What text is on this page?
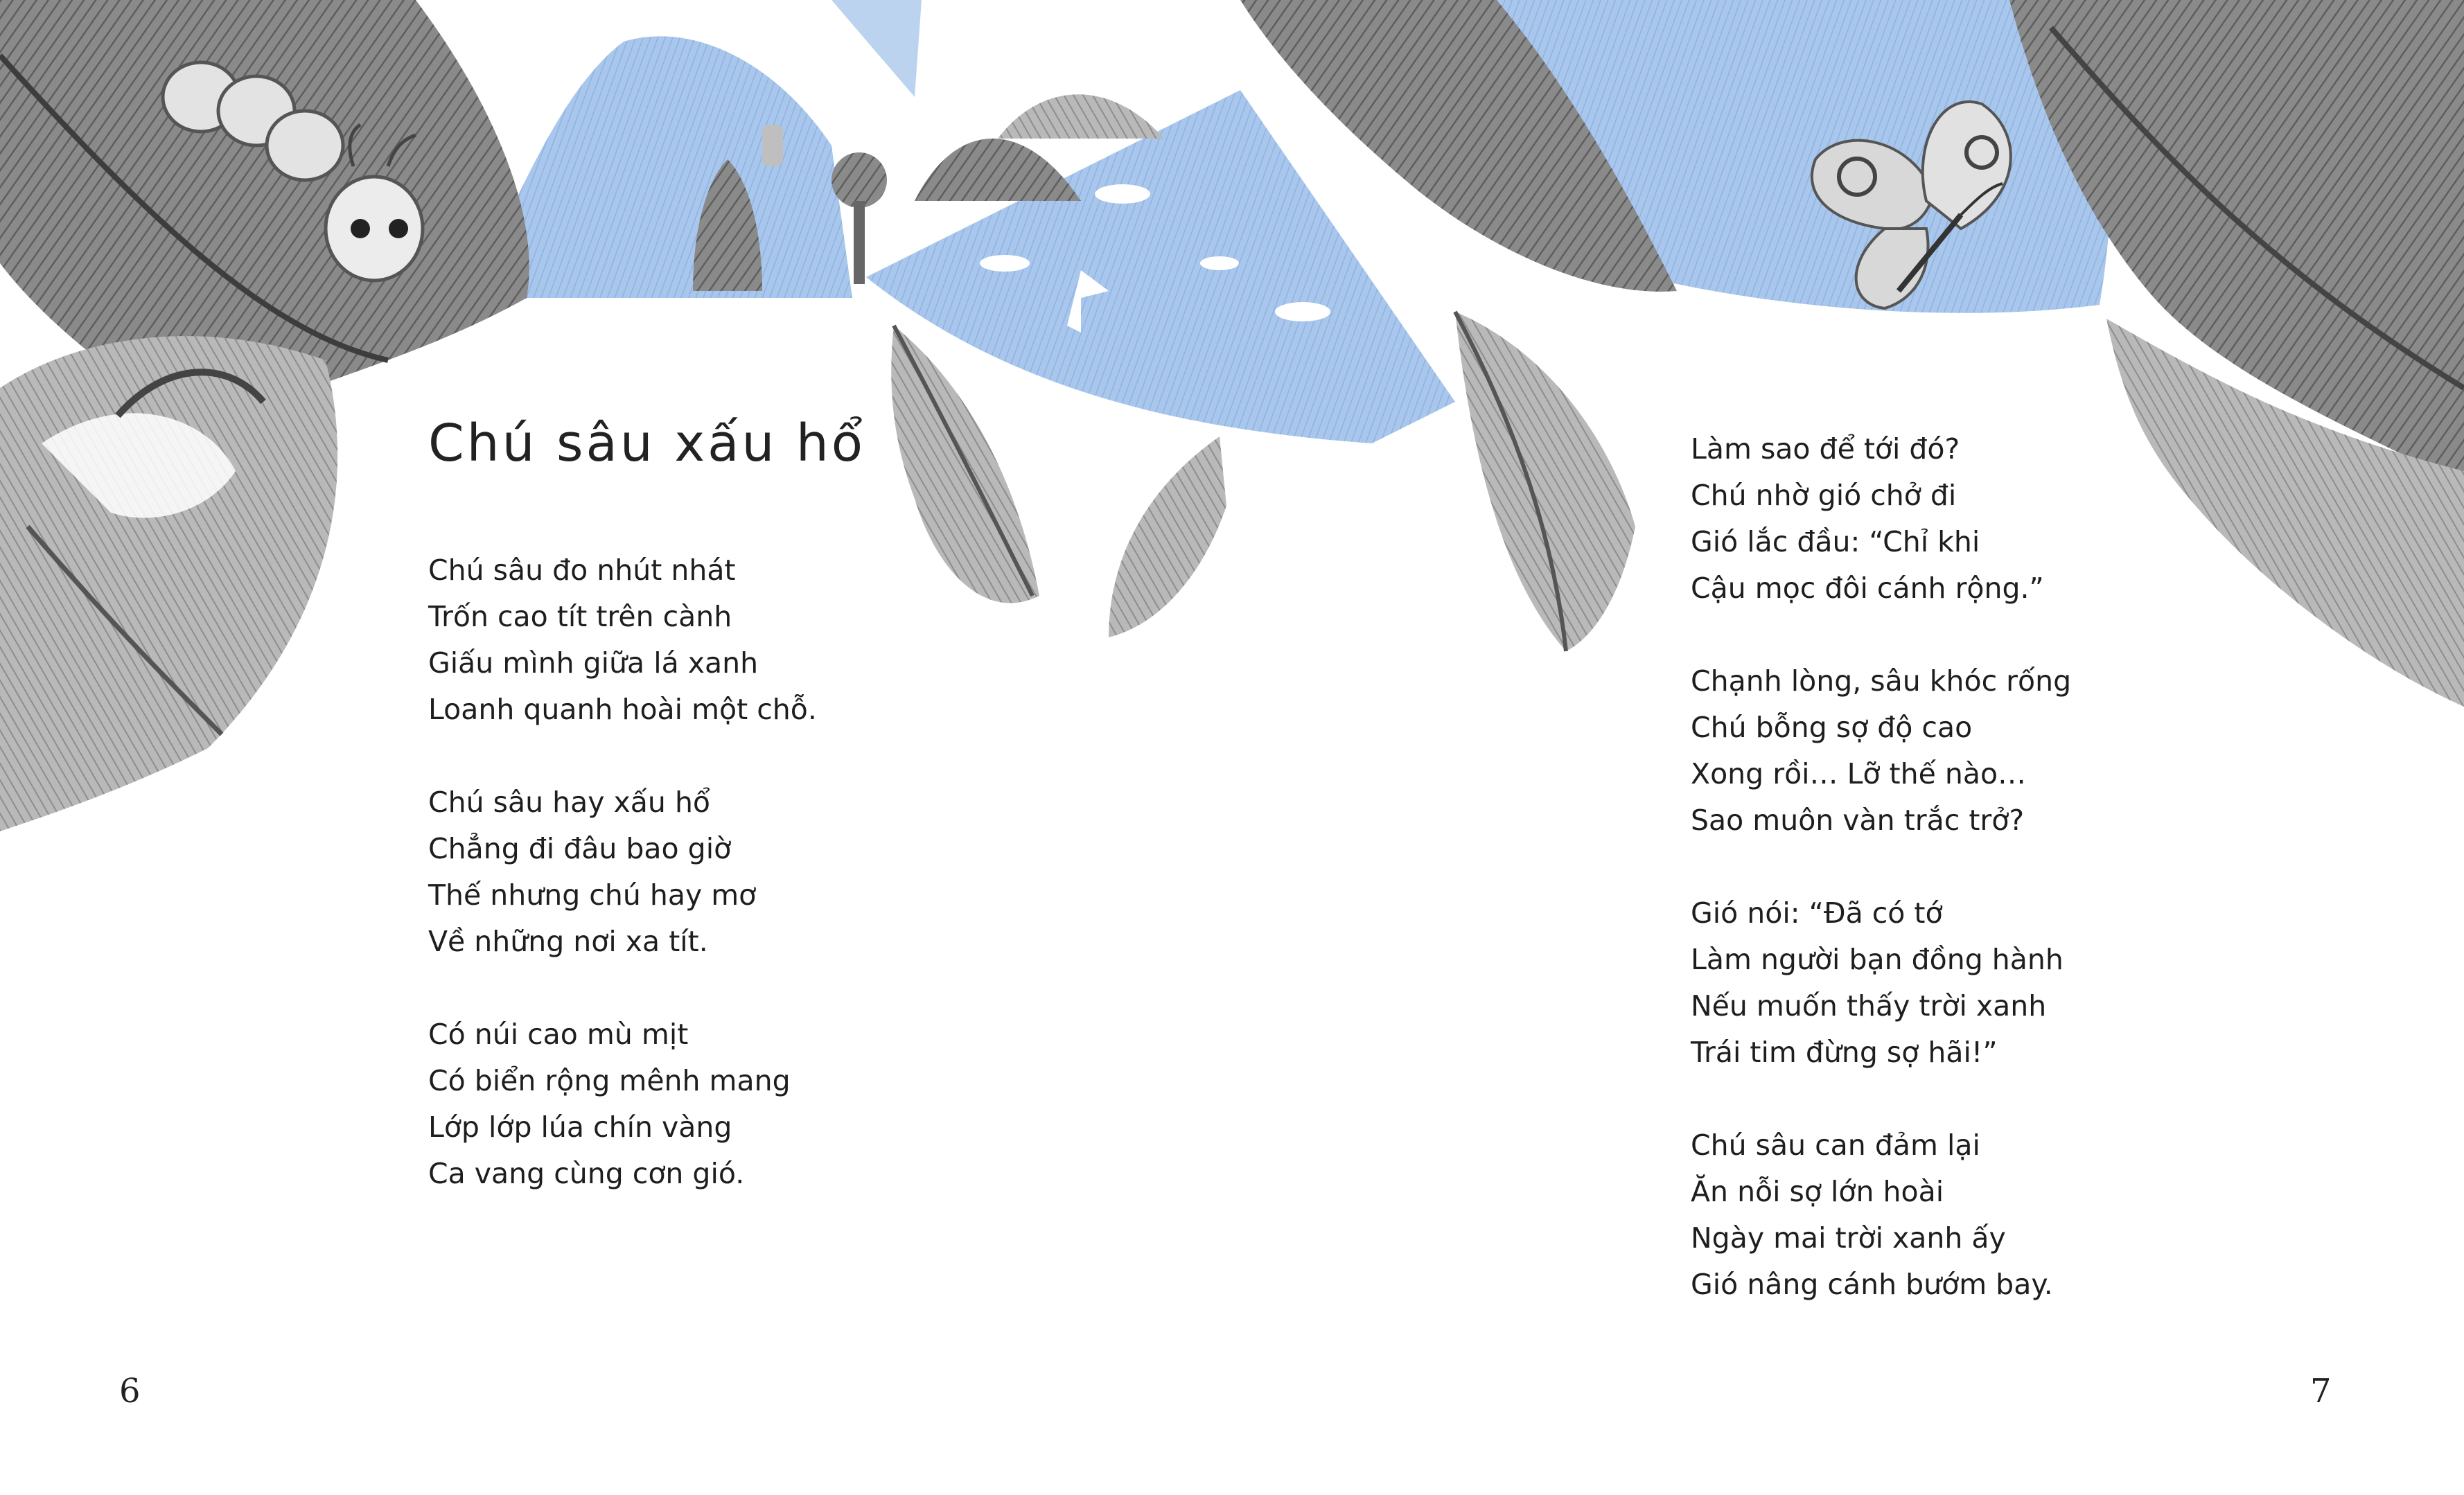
Chú sâu xấu hổ
Chú sâu đo nhút nhát
Trốn cao tít trên cành
Giấu mình giữa lá xanh
Loanh quanh hoài một chỗ.
Chú sâu hay xấu hổ
Chẳng đi đâu bao giờ
Thế nhưng chú hay mơ
Về những nơi xa tít.
Có núi cao mù mịt
Có biển rộng mênh mang
Lớp lớp lúa chín vàng
Ca vang cùng cơn gió.
Làm sao để tới đó?
Chú nhờ gió chở đi
Gió lắc đầu: “Chỉ khi
Cậu mọc đôi cánh rộng.”
Chạnh lòng, sâu khóc rống
Chú bỗng sợ độ cao
Xong rồi… Lỡ thế nào…
Sao muôn vàn trắc trở?
Gió nói: “Đã có tớ
Làm người bạn đồng hành
Nếu muốn thấy trời xanh
Trái tim đừng sợ hãi!”
Chú sâu can đảm lại
Ăn nỗi sợ lớn hoài
Ngày mai trời xanh ấy
Gió nâng cánh bướm bay.
6	7
